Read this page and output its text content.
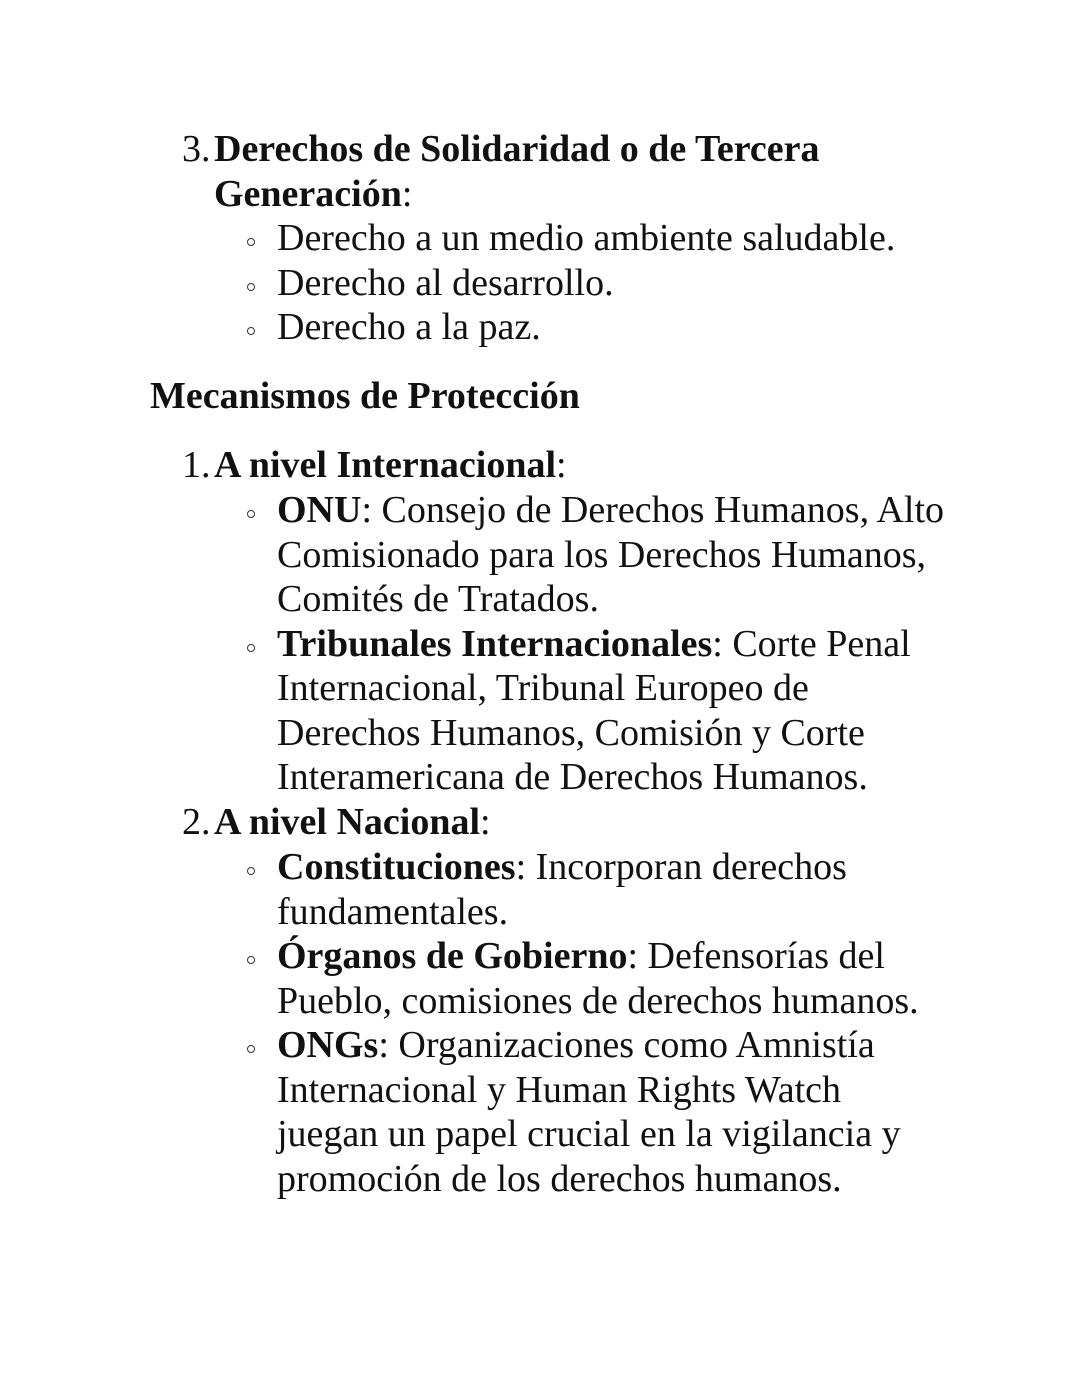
3. Derechos de Solidaridad o de Tercera Generación:
Derecho a un medio ambiente saludable.
Derecho al desarrollo.
Derecho a la paz.
Mecanismos de Protección
1. A nivel Internacional:
ONU: Consejo de Derechos Humanos, Alto Comisionado para los Derechos Humanos, Comités de Tratados.
Tribunales Internacionales: Corte Penal Internacional, Tribunal Europeo de Derechos Humanos, Comisión y Corte Interamericana de Derechos Humanos.
2. A nivel Nacional:
Constituciones: Incorporan derechos fundamentales.
Órganos de Gobierno: Defensorías del Pueblo, comisiones de derechos humanos.
ONGs: Organizaciones como Amnistía Internacional y Human Rights Watch juegan un papel crucial en la vigilancia y promoción de los derechos humanos.
